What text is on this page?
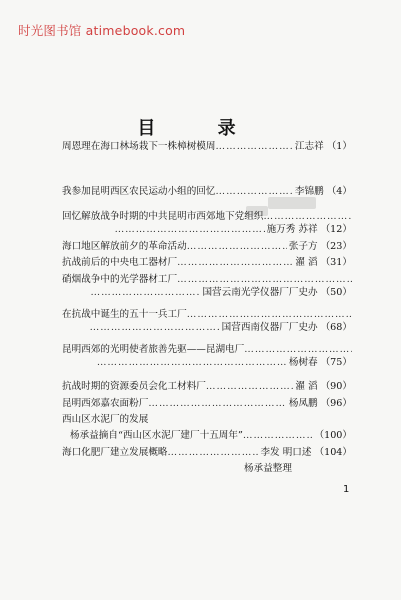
时光图书馆 atimebook.com
目 录
周恩理在海口林场栽下一株樟树模周 ……………………………………………………………………………………………………	江志祥 （1）
我参加昆明西区农民运动小组的回忆 ……………………………………………………………………………………………………	李锦鹏 （4）
回忆解放战争时期的中共昆明市西郊地下党组织
……………………………………………………………………………………………………
……………………………………………………………………………………………………
施万秀 苏祥 （12）
海口地区解放前夕的革命活动 ……………………………………………………………………………………………………	张子方 （23）
抗战前后的中央电工器材厂 ……………………………………………………………………………………………………	濯 滔 （31）
硝烟战争中的光学器材工厂
……………………………………………………………………………………………………
……………………………………………………………………………………………………
国营云南光学仪器厂厂史办 （50）
在抗战中诞生的五十一兵工厂
……………………………………………………………………………………………………
……………………………………………………………………………………………………
国营西南仪器厂厂史办 （68）
昆明西郊的光明使者旅善先驱——昆湖电厂
……………………………………………………………………………………………………
……………………………………………………………………………………………………
杨树春 （75）
抗战时期的资源委员会化工材料厂 ……………………………………………………………………………………………………	濯 滔 （90）
昆明西郊嘉农面粉厂 ……………………………………………………………………………………………………	杨凤鹏 （96）
西山区水泥厂的发展
杨承益摘自“西山区水泥厂建厂十五周年” ……………………………………………………………………………………………………	（100）
海口化肥厂建立发展概略 ……………………………………………………………………………………………………	李发 明口述 （104）
杨承益整理
1
